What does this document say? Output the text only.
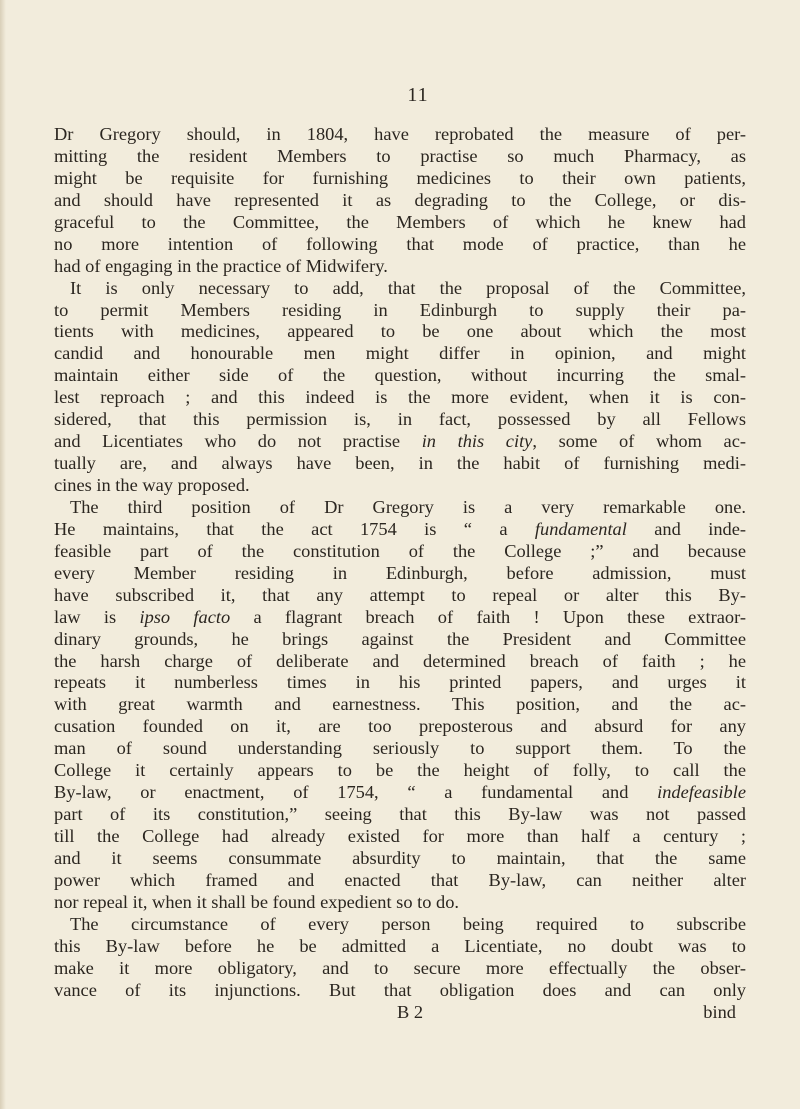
11
Dr Gregory should, in 1804, have reprobated the measure of per-
mitting the resident Members to practise so much Pharmacy, as
might be requisite for furnishing medicines to their own patients,
and should have represented it as degrading to the College, or dis-
graceful to the Committee, the Members of which he knew had
no more intention of following that mode of practice, than he
had of engaging in the practice of Midwifery.
It is only necessary to add, that the proposal of the Committee,
to permit Members residing in Edinburgh to supply their pa-
tients with medicines, appeared to be one about which the most
candid and honourable men might differ in opinion, and might
maintain either side of the question, without incurring the smal-
lest reproach ; and this indeed is the more evident, when it is con-
sidered, that this permission is, in fact, possessed by all Fellows
and Licentiates who do not practise in this city, some of whom ac-
tually are, and always have been, in the habit of furnishing medi-
cines in the way proposed.
The third position of Dr Gregory is a very remarkable one.
He maintains, that the act 1754 is “ a fundamental and inde-
feasible part of the constitution of the College ;” and because
every Member residing in Edinburgh, before admission, must
have subscribed it, that any attempt to repeal or alter this By-
law is ipso facto a flagrant breach of faith ! Upon these extraor-
dinary grounds, he brings against the President and Committee
the harsh charge of deliberate and determined breach of faith ; he
repeats it numberless times in his printed papers, and urges it
with great warmth and earnestness. This position, and the ac-
cusation founded on it, are too preposterous and absurd for any
man of sound understanding seriously to support them. To the
College it certainly appears to be the height of folly, to call the
By-law, or enactment, of 1754, “ a fundamental and indefeasible
part of its constitution,” seeing that this By-law was not passed
till the College had already existed for more than half a century ;
and it seems consummate absurdity to maintain, that the same
power which framed and enacted that By-law, can neither alter
nor repeal it, when it shall be found expedient so to do.
The circumstance of every person being required to subscribe
this By-law before he be admitted a Licentiate, no doubt was to
make it more obligatory, and to secure more effectually the obser-
vance of its injunctions. But that obligation does and can only
B 2	bind
